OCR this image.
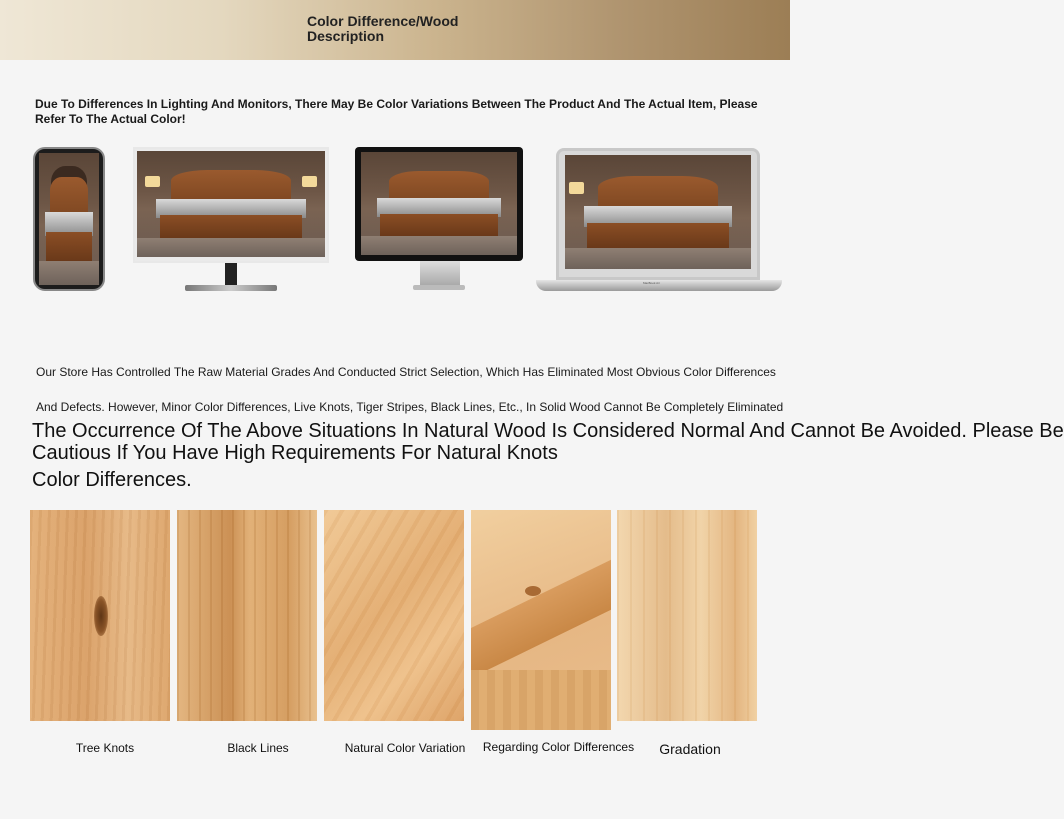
Color Difference/Wood Description
Due To Differences In Lighting And Monitors, There May Be Color Variations Between The Product And The Actual Item, Please Refer To The Actual Color!
MacBook Air
Our Store Has Controlled The Raw Material Grades And Conducted Strict Selection, Which Has Eliminated Most Obvious Color Differences
And Defects. However, Minor Color Differences, Live Knots, Tiger Stripes, Black Lines, Etc., In Solid Wood Cannot Be Completely Eliminated
The Occurrence Of The Above Situations In Natural Wood Is Considered Normal And Cannot Be Avoided. Please Be
Cautious If You Have High Requirements For Natural Knots
Color Differences.
Tree Knots	Black Lines	Natural Color Variation	Regarding Color Differences	Gradation
